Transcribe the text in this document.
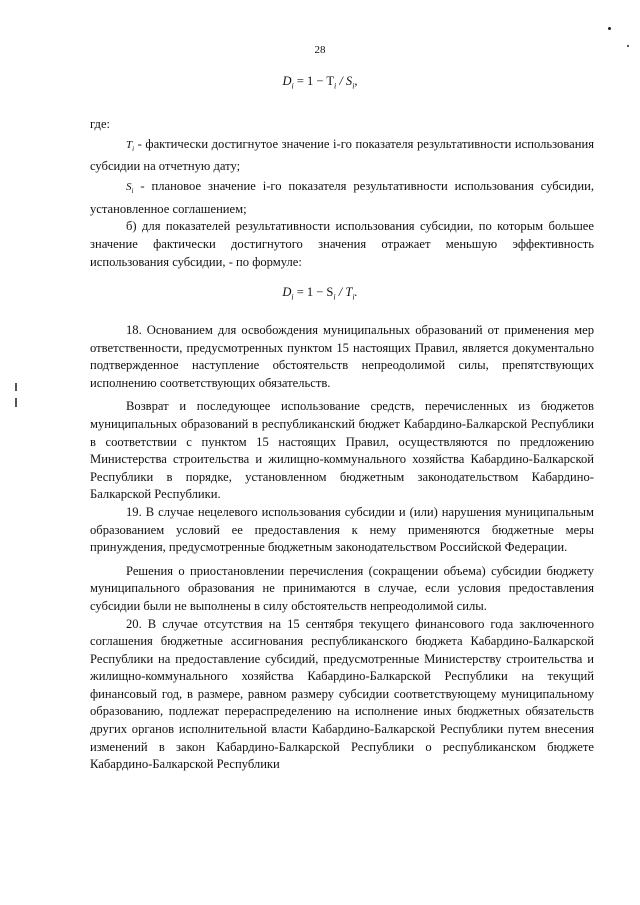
28
$D_i = 1 - T_i / S_i$,

где:

$T_i$ - фактически достигнутое значение i-го показателя результативности использования субсидии на отчетную дату;

$S_i$ - плановое значение i-го показателя результативности использования субсидии, установленное соглашением;

б) для показателей результативности использования субсидии, по которым большее значение фактически достигнутого значения отражает меньшую эффективность использования субсидии, - по формуле:

$D_i = 1 - S_i / T_i$.

18. Основанием для освобождения муниципальных образований от применения мер ответственности, предусмотренных пунктом 15 настоящих Правил, является документально подтвержденное наступление обстоятельств непреодолимой силы, препятствующих исполнению соответствующих обязательств.

Возврат и последующее использование средств, перечисленных из бюджетов муниципальных образований в республиканский бюджет Кабардино-Балкарской Республики в соответствии с пунктом 15 настоящих Правил, осуществляются по предложению Министерства строительства и жилищно-коммунального хозяйства Кабардино-Балкарской Республики в порядке, установленном бюджетным законодательством Кабардино-Балкарской Республики.

19. В случае нецелевого использования субсидии и (или) нарушения муниципальным образованием условий ее предоставления к нему применяются бюджетные меры принуждения, предусмотренные бюджетным законодательством Российской Федерации.

Решения о приостановлении перечисления (сокращении объема) субсидии бюджету муниципального образования не принимаются в случае, если условия предоставления субсидии были не выполнены в силу обстоятельств непреодолимой силы.

20. В случае отсутствия на 15 сентября текущего финансового года заключенного соглашения бюджетные ассигнования республиканского бюджета Кабардино-Балкарской Республики на предоставление субсидий, предусмотренные Министерству строительства и жилищно-коммунального хозяйства Кабардино-Балкарской Республики на текущий финансовый год, в размере, равном размеру субсидии соответствующему муниципальному образованию, подлежат перераспределению на исполнение иных бюджетных обязательств других органов исполнительной власти Кабардино-Балкарской Республики путем внесения изменений в закон Кабардино-Балкарской Республики о республиканском бюджете Кабардино-Балкарской Республики
